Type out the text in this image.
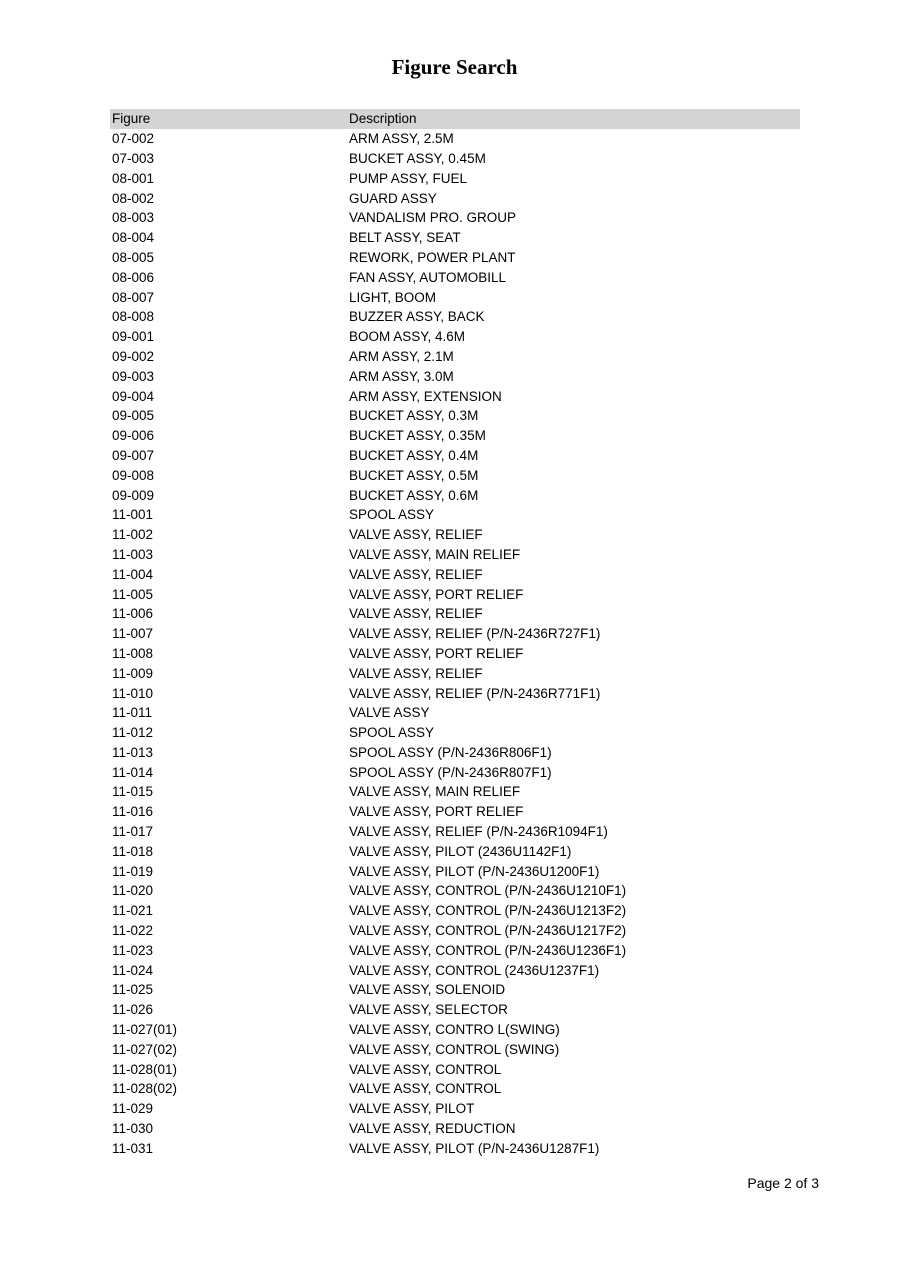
Figure Search
Figure	Description
07-002	ARM ASSY, 2.5M
07-003	BUCKET ASSY, 0.45M
08-001	PUMP ASSY, FUEL
08-002	GUARD ASSY
08-003	VANDALISM PRO. GROUP
08-004	BELT ASSY, SEAT
08-005	REWORK, POWER PLANT
08-006	FAN ASSY, AUTOMOBILL
08-007	LIGHT, BOOM
08-008	BUZZER ASSY, BACK
09-001	BOOM ASSY, 4.6M
09-002	ARM ASSY, 2.1M
09-003	ARM ASSY, 3.0M
09-004	ARM ASSY, EXTENSION
09-005	BUCKET ASSY, 0.3M
09-006	BUCKET ASSY, 0.35M
09-007	BUCKET ASSY, 0.4M
09-008	BUCKET ASSY, 0.5M
09-009	BUCKET ASSY, 0.6M
11-001	SPOOL ASSY
11-002	VALVE ASSY, RELIEF
11-003	VALVE ASSY, MAIN RELIEF
11-004	VALVE ASSY, RELIEF
11-005	VALVE ASSY, PORT RELIEF
11-006	VALVE ASSY, RELIEF
11-007	VALVE ASSY, RELIEF (P/N-2436R727F1)
11-008	VALVE ASSY, PORT RELIEF
11-009	VALVE ASSY, RELIEF
11-010	VALVE ASSY, RELIEF (P/N-2436R771F1)
11-011	VALVE ASSY
11-012	SPOOL ASSY
11-013	SPOOL ASSY (P/N-2436R806F1)
11-014	SPOOL ASSY (P/N-2436R807F1)
11-015	VALVE ASSY, MAIN RELIEF
11-016	VALVE ASSY, PORT RELIEF
11-017	VALVE ASSY, RELIEF (P/N-2436R1094F1)
11-018	VALVE ASSY, PILOT (2436U1142F1)
11-019	VALVE ASSY, PILOT (P/N-2436U1200F1)
11-020	VALVE ASSY, CONTROL (P/N-2436U1210F1)
11-021	VALVE ASSY, CONTROL (P/N-2436U1213F2)
11-022	VALVE ASSY, CONTROL (P/N-2436U1217F2)
11-023	VALVE ASSY, CONTROL (P/N-2436U1236F1)
11-024	VALVE ASSY, CONTROL (2436U1237F1)
11-025	VALVE ASSY, SOLENOID
11-026	VALVE ASSY, SELECTOR
11-027(01)	VALVE ASSY, CONTRO L(SWING)
11-027(02)	VALVE ASSY, CONTROL (SWING)
11-028(01)	VALVE ASSY, CONTROL
11-028(02)	VALVE ASSY, CONTROL
11-029	VALVE ASSY, PILOT
11-030	VALVE ASSY, REDUCTION
11-031	VALVE ASSY, PILOT (P/N-2436U1287F1)
Page 2 of 3
